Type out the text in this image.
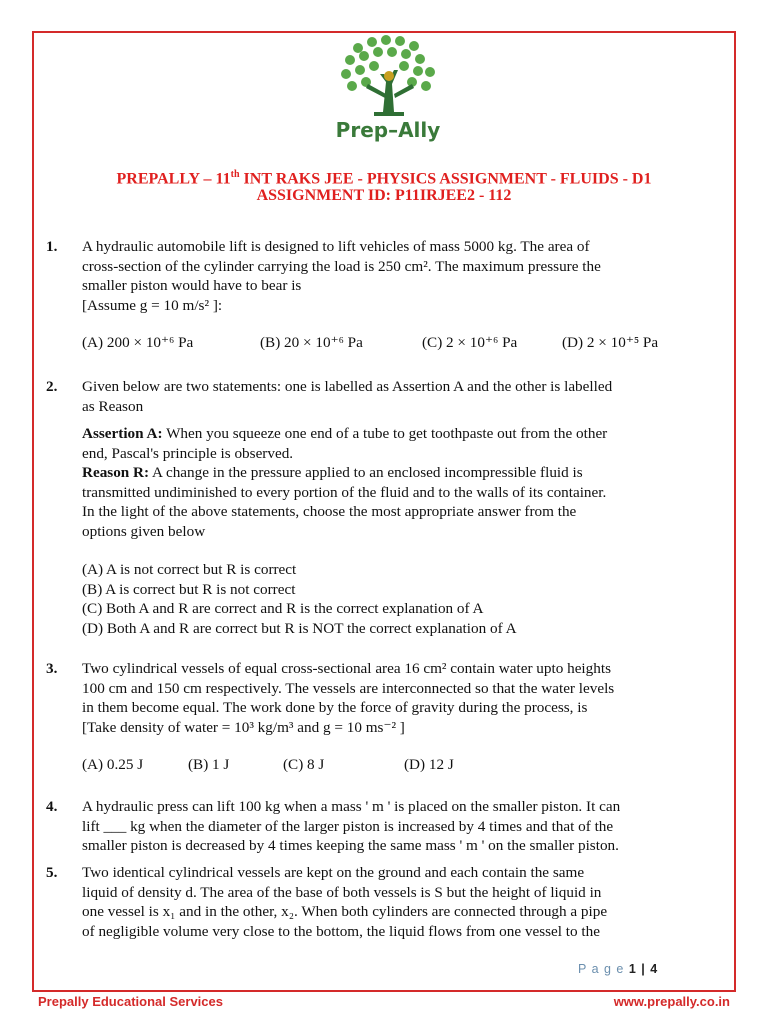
Prep–Ally
PREPALLY – 11th INT RAKS JEE - PHYSICS ASSIGNMENT - FLUIDS - D1
ASSIGNMENT ID: P11IRJEE2 - 112
1. A hydraulic automobile lift is designed to lift vehicles of mass 5000 kg. The area of

cross-section of the cylinder carrying the load is 250 cm². The maximum pressure the

smaller piston would have to bear is

[Assume g = 10 m/s² ]:

(A) 200 × 10⁺⁶ Pa	(B) 20 × 10⁺⁶ Pa	(C) 2 × 10⁺⁶ Pa	(D) 2 × 10⁺⁵ Pa
2. Given below are two statements: one is labelled as Assertion A and the other is labelled

as Reason

Assertion A: When you squeeze one end of a tube to get toothpaste out from the other

end, Pascal's principle is observed.

Reason R: A change in the pressure applied to an enclosed incompressible fluid is

transmitted undiminished to every portion of the fluid and to the walls of its container.

In the light of the above statements, choose the most appropriate answer from the

options given below

(A) A is not correct but R is correct

(B) A is correct but R is not correct

(C) Both A and R are correct and R is the correct explanation of A

(D) Both A and R are correct but R is NOT the correct explanation of A

3. Two cylindrical vessels of equal cross-sectional area 16 cm² contain water upto heights

100 cm and 150 cm respectively. The vessels are interconnected so that the water levels

in them become equal. The work done by the force of gravity during the process, is

[Take density of water = 10³ kg/m³ and g = 10 ms⁻² ]

(A) 0.25 J	(B) 1 J	(C) 8 J	(D) 12 J
4. A hydraulic press can lift 100 kg when a mass ' m ' is placed on the smaller piston. It can

lift ___ kg when the diameter of the larger piston is increased by 4 times and that of the

smaller piston is decreased by 4 times keeping the same mass ' m ' on the smaller piston.

5. Two identical cylindrical vessels are kept on the ground and each contain the same

liquid of density d. The area of the base of both vessels is S but the height of liquid in

one vessel is x₁ and in the other, x₂. When both cylinders are connected through a pipe

of negligible volume very close to the bottom, the liquid flows from one vessel to the

P a g e 1 | 4
Prepally Educational Services	www.prepally.co.in
